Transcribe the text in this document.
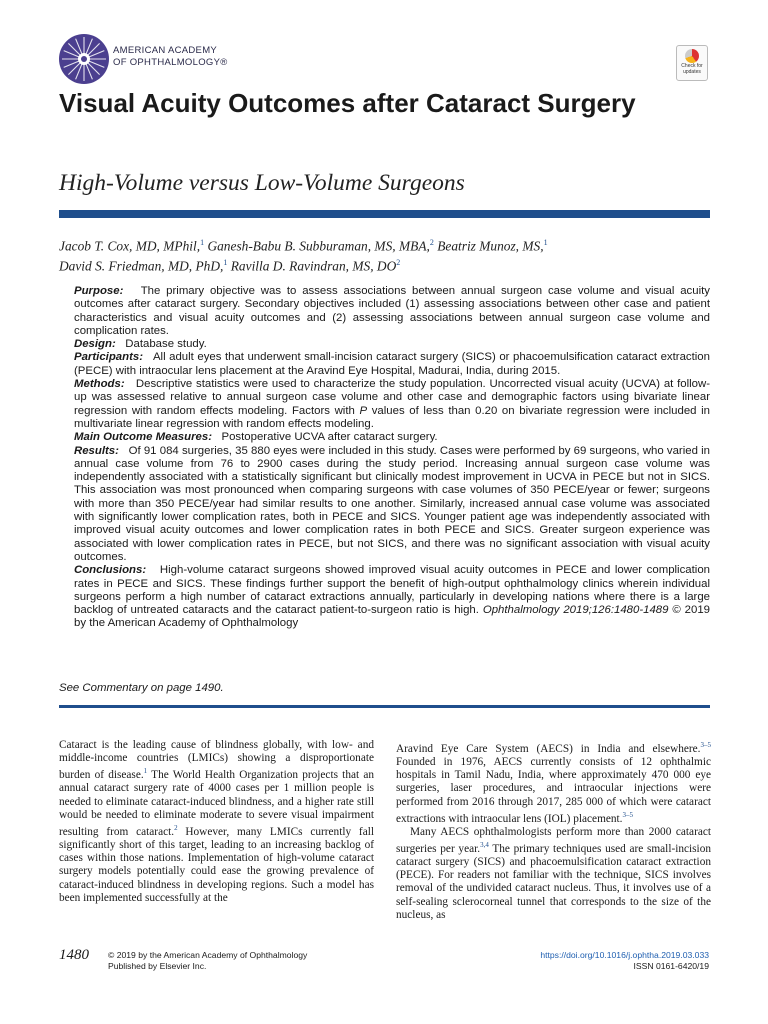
AMERICAN ACADEMY
OF OPHTHALMOLOGY®	Check for
updates
Visual Acuity Outcomes after Cataract Surgery
High-Volume versus Low-Volume Surgeons
Jacob T. Cox, MD, MPhil,$^1$ Ganesh-Babu B. Subburaman, MS, MBA,$^2$ Beatriz Munoz, MS,$^1$
David S. Friedman, MD, PhD,$^1$ Ravilla D. Ravindran, MS, $DO^2$

Purpose: The primary objective was to assess associations between annual surgeon case volume and visual acuity outcomes after cataract surgery. Secondary objectives included (1) assessing associations between other case and patient characteristics and visual acuity outcomes and (2) assessing associations between annual surgeon case volume and complication rates.

Design: Database study.

Participants: All adult eyes that underwent small-incision cataract surgery (SICS) or phacoemulsification cataract extraction (PECE) with intraocular lens placement at the Aravind Eye Hospital, Madurai, India, during 2015.

Methods: Descriptive statistics were used to characterize the study population. Uncorrected visual acuity (UCVA) at follow-up was assessed relative to annual surgeon case volume and other case and demographic factors using bivariate linear regression with random effects modeling. Factors with P values of less than 0.20 on bivariate regression were included in multivariate linear regression with random effects modeling.

Main Outcome Measures: Postoperative UCVA after cataract surgery.

Results: Of 91 084 surgeries, 35 880 eyes were included in this study. Cases were performed by 69 surgeons, who varied in annual case volume from 76 to 2900 cases during the study period. Increasing annual surgeon case volume was independently associated with a statistically significant but clinically modest improvement in UCVA in PECE but not in SICS. This association was most pronounced when comparing surgeons with case volumes of 350 PECE/year or fewer; surgeons with more than 350 PECE/year had similar results to one another. Similarly, increased annual case volume was associated with significantly lower complication rates, both in PECE and SICS. Younger patient age was independently associated with improved visual acuity outcomes and lower complication rates in both PECE and SICS. Greater surgeon experience was associated with lower complication rates in PECE, but not SICS, and there was no significant association with visual acuity outcomes.

Conclusions: High-volume cataract surgeons showed improved visual acuity outcomes in PECE and lower complication rates in PECE and SICS. These findings further support the benefit of high-output ophthalmology clinics wherein individual surgeons perform a high number of cataract extractions annually, particularly in developing nations where there is a large backlog of untreated cataracts and the cataract patient-to-surgeon ratio is high. Ophthalmology 2019;126:1480-1489 © 2019 by the American Academy of Ophthalmology

See Commentary on page 1490.

Cataract is the leading cause of blindness globally, with low- and middle-income countries (LMICs) showing a disproportionate burden of disease.$^1$ The World Health Organization projects that an annual cataract surgery rate of 4000 cases per 1 million people is needed to eliminate cataract-induced blindness, and a higher rate still would be needed to eliminate moderate to severe visual impairment resulting from cataract.$^2$ However, many LMICs currently fall significantly short of this target, leading to an increasing backlog of cases within those nations. Implementation of high-volume cataract surgery models potentially could ease the growing prevalence of cataract-induced blindness in developing regions. Such a model has been implemented successfully at the

Aravind Eye Care System (AECS) in India and elsewhere.$^{3-5}$ Founded in 1976, AECS currently consists of 12 ophthalmic hospitals in Tamil Nadu, India, where approximately 470 000 eye surgeries, laser procedures, and intraocular injections were performed from 2016 through 2017, 285 000 of which were cataract extractions with intraocular lens (IOL) placement.$^{3-5}$

Many AECS ophthalmologists perform more than 2000 cataract surgeries per year.$^{3,4}$ The primary techniques used are small-incision cataract surgery (SICS) and phacoemulsification cataract extraction (PECE). For readers not familiar with the technique, SICS involves removal of the undivided cataract nucleus. Thus, it involves use of a self-sealing sclerocorneal tunnel that corresponds to the size of the nucleus, as

1480 © 2019 by the American Academy of Ophthalmology
Published by Elsevier Inc.
https://doi.org/10.1016/j.ophtha.2019.03.033
ISSN 0161-6420/19
